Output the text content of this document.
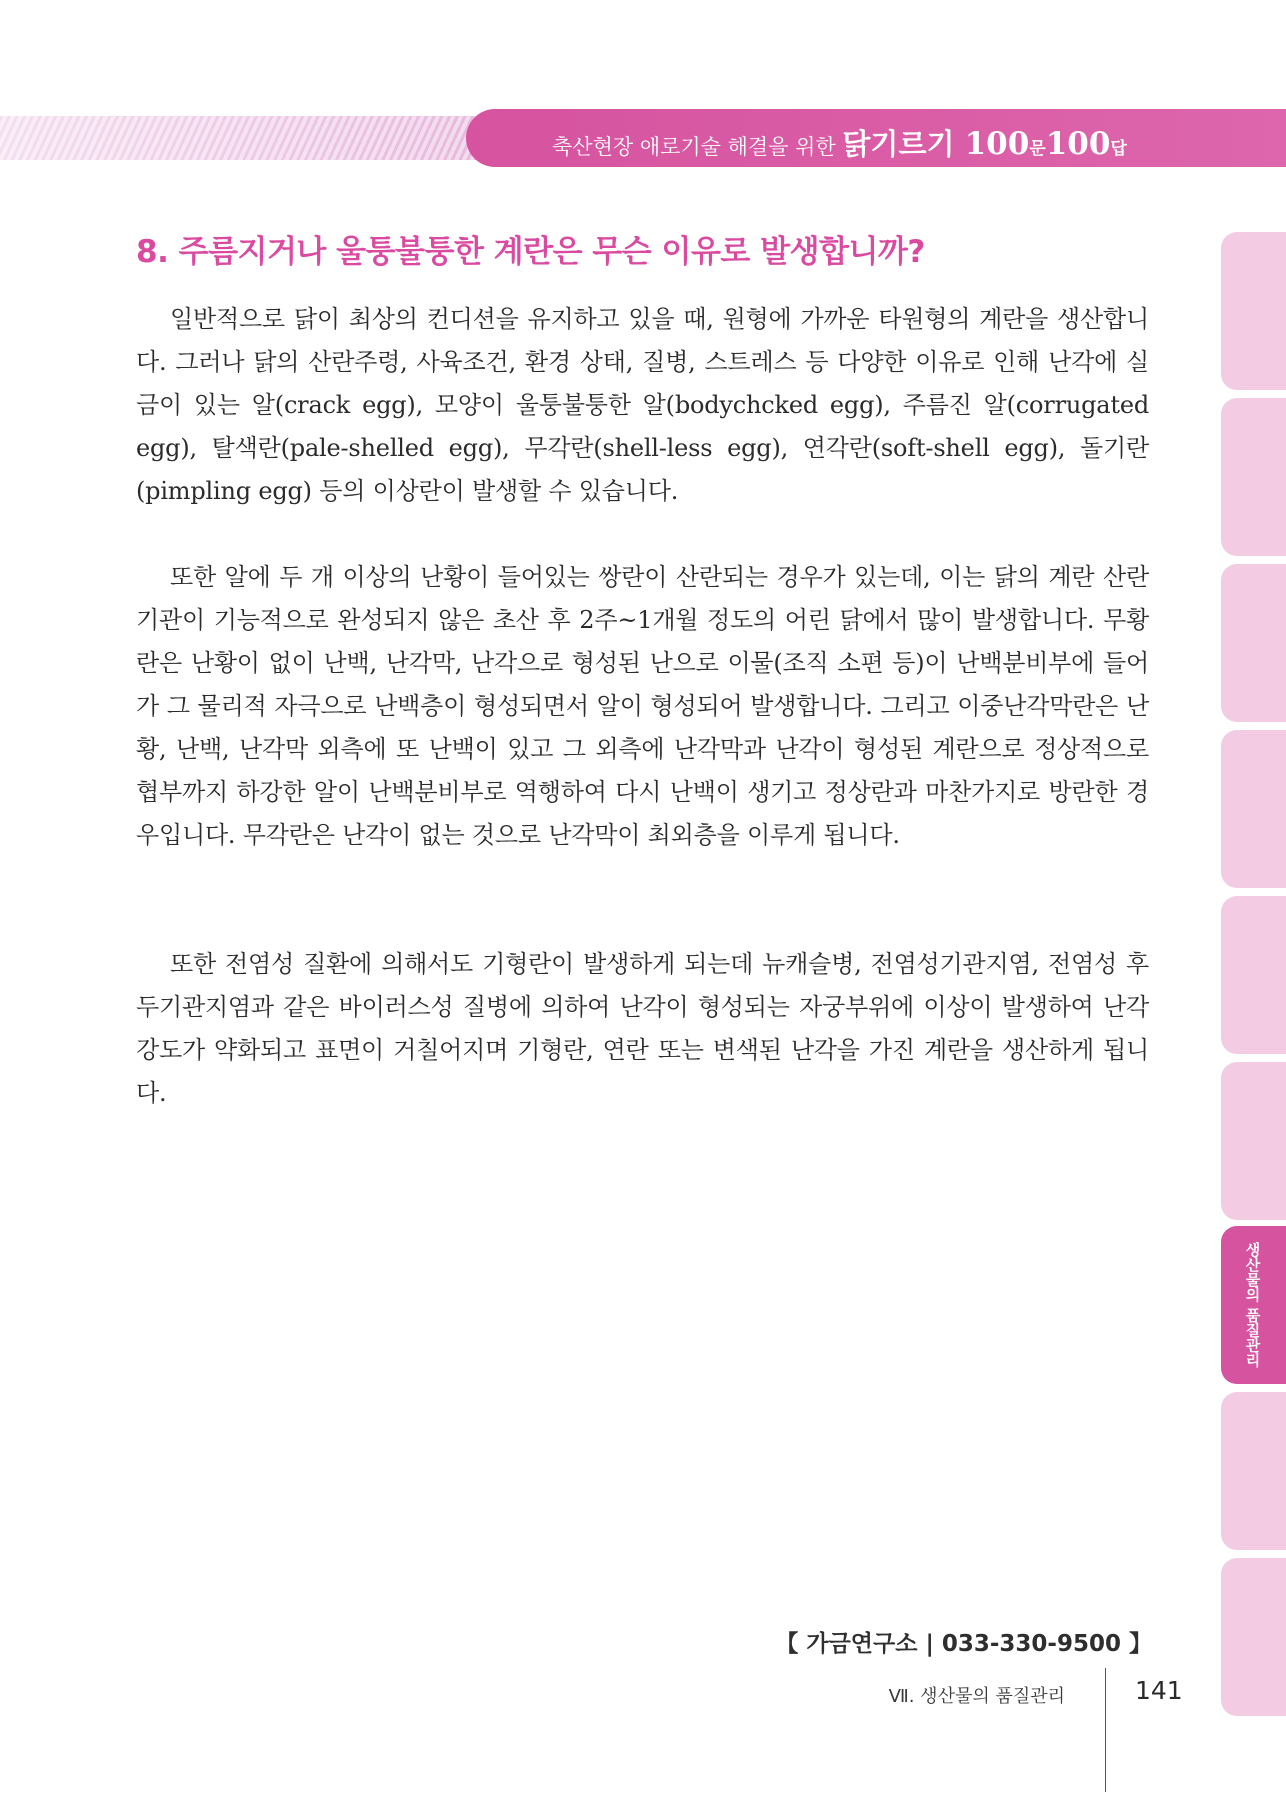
축산현장 애로기술 해결을 위한 닭기르기 100문100답
8. 주름지거나 울퉁불퉁한 계란은 무슨 이유로 발생합니까?

일반적으로 닭이 최상의 컨디션을 유지하고 있을 때, 원형에 가까운 타원형의 계란을 생산합니다. 그러나 닭의 산란주령, 사육조건, 환경 상태, 질병, 스트레스 등 다양한 이유로 인해 난각에 실금이 있는 알(crack egg), 모양이 울퉁불퉁한 알(bodychcked egg), 주름진 알(corrugated egg), 탈색란(pale-shelled egg), 무각란(shell-less egg), 연각란(soft-shell egg), 돌기란(pimpling egg) 등의 이상란이 발생할 수 있습니다.

또한 알에 두 개 이상의 난황이 들어있는 쌍란이 산란되는 경우가 있는데, 이는 닭의 계란 산란기관이 기능적으로 완성되지 않은 초산 후 2주~1개월 정도의 어린 닭에서 많이 발생합니다. 무황란은 난황이 없이 난백, 난각막, 난각으로 형성된 난으로 이물(조직 소편 등)이 난백분비부에 들어가 그 물리적 자극으로 난백층이 형성되면서 알이 형성되어 발생합니다. 그리고 이중난각막란은 난황, 난백, 난각막 외측에 또 난백이 있고 그 외측에 난각막과 난각이 형성된 계란으로 정상적으로 협부까지 하강한 알이 난백분비부로 역행하여 다시 난백이 생기고 정상란과 마찬가지로 방란한 경우입니다. 무각란은 난각이 없는 것으로 난각막이 최외층을 이루게 됩니다.

또한 전염성 질환에 의해서도 기형란이 발생하게 되는데 뉴캐슬병, 전염성기관지염, 전염성 후두기관지염과 같은 바이러스성 질병에 의하여 난각이 형성되는 자궁부위에 이상이 발생하여 난각 강도가 약화되고 표면이 거칠어지며 기형란, 연란 또는 변색된 난각을 가진 계란을 생산하게 됩니다.

생산물의 품질관리
【 가금연구소 | 033-330-9500 】
Ⅶ. 생산물의 품질관리	141
